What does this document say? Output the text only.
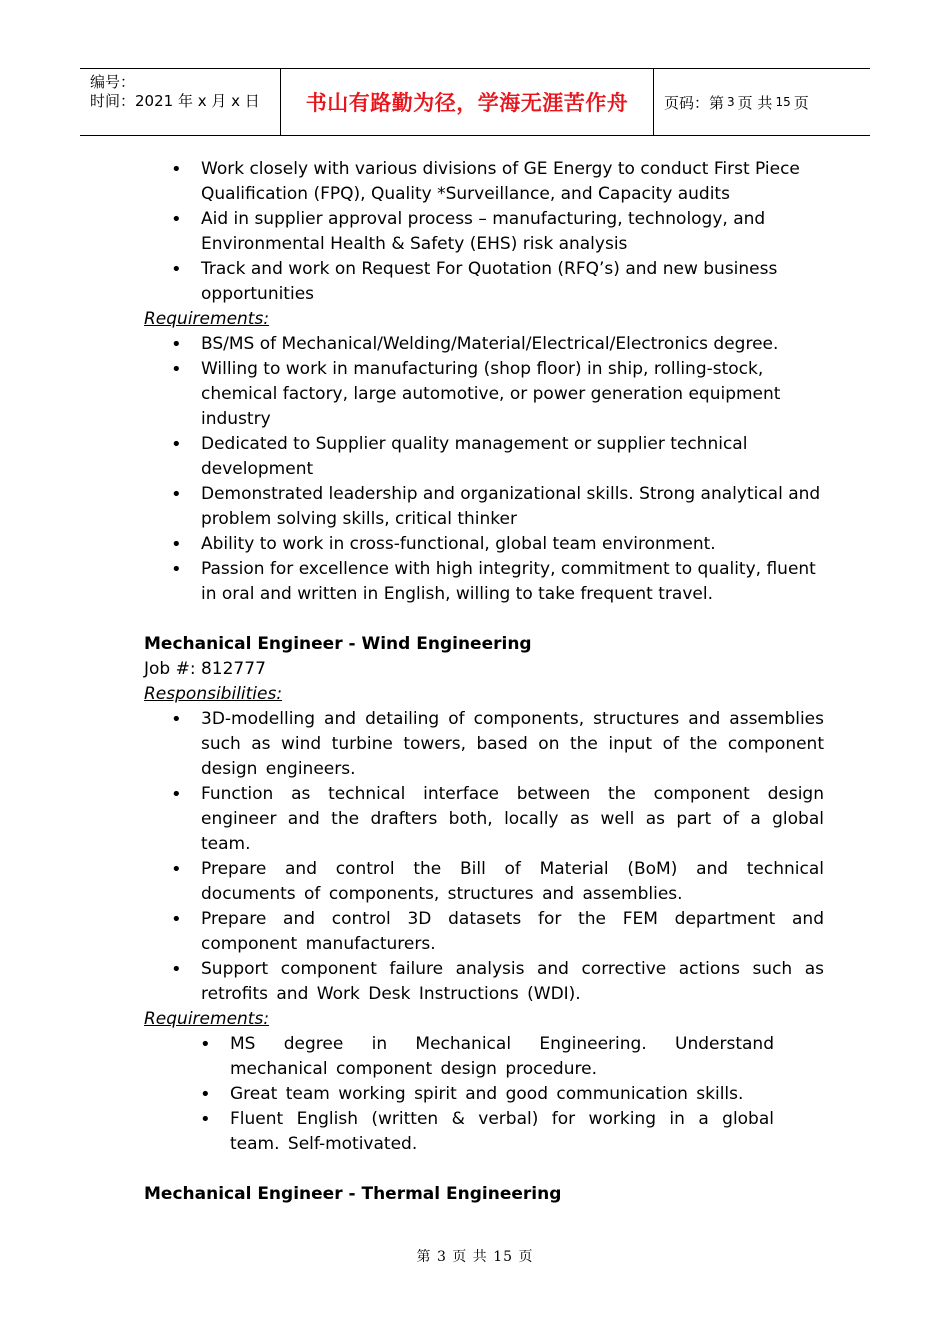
编号：
时间：2021 年 x 月 x 日	书山有路勤为径，学海无涯苦作舟	页码：第 3 页 共 15 页
• Work closely with various divisions of GE Energy to conduct First Piece Qualification (FPQ), Quality *Surveillance, and Capacity audits
• Aid in supplier approval process – manufacturing, technology, and Environmental Health & Safety (EHS) risk analysis
• Track and work on Request For Quotation (RFQ’s) and new business opportunities
Requirements:
• BS/MS of Mechanical/Welding/Material/Electrical/Electronics degree.
• Willing to work in manufacturing (shop floor) in ship, rolling-stock, chemical factory, large automotive, or power generation equipment industry
• Dedicated to Supplier quality management or supplier technical development
• Demonstrated leadership and organizational skills. Strong analytical and problem solving skills, critical thinker
• Ability to work in cross-functional, global team environment.
• Passion for excellence with high integrity, commitment to quality, fluent in oral and written in English, willing to take frequent travel.
Mechanical Engineer - Wind Engineering
Job #: 812777
Responsibilities:
• 3D-modelling and detailing of components, structures and assemblies such as wind turbine towers, based on the input of the component design engineers.
• Function as technical interface between the component design engineer and the drafters both, locally as well as part of a global team.
• Prepare and control the Bill of Material (BoM) and technical documents of components, structures and assemblies.
• Prepare and control 3D datasets for the FEM department and component manufacturers.
• Support component failure analysis and corrective actions such as retrofits and Work Desk Instructions (WDI).
Requirements:
• MS degree in Mechanical Engineering. Understand mechanical component design procedure.
• Great team working spirit and good communication skills.
• Fluent English (written & verbal) for working in a global team. Self-motivated.
Mechanical Engineer - Thermal Engineering
第 3 页 共 15 页
